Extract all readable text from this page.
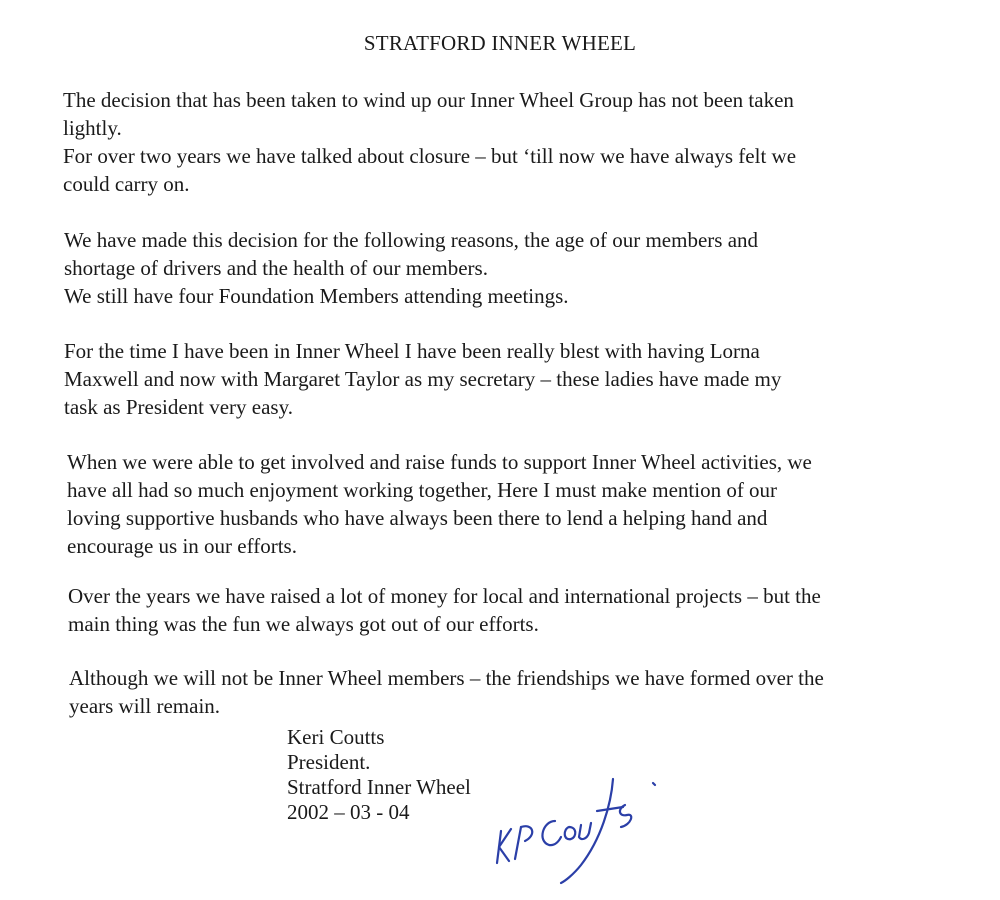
STRATFORD INNER WHEEL

The decision that has been taken to wind up our Inner Wheel Group has not been taken
lightly.
For over two years we have talked about closure – but ‘till now we have always felt we
could carry on.

We have made this decision for the following reasons, the age of our members and
shortage of drivers and the health of our members.
We still have four Foundation Members attending meetings.

For the time I have been in Inner Wheel I have been really blest with having Lorna
Maxwell and now with Margaret Taylor as my secretary – these ladies have made my
task as President very easy.

When we were able to get involved and raise funds to support Inner Wheel activities, we
have all had so much enjoyment working together, Here I must make mention of our
loving supportive husbands who have always been there to lend a helping hand and
encourage us in our efforts.

Over the years we have raised a lot of money for local and international projects – but the
main thing was the fun we always got out of our efforts.

Although we will not be Inner Wheel members – the friendships we have formed over the
years will remain.

Keri Coutts
President.
Stratford Inner Wheel
2002 – 03 - 04
